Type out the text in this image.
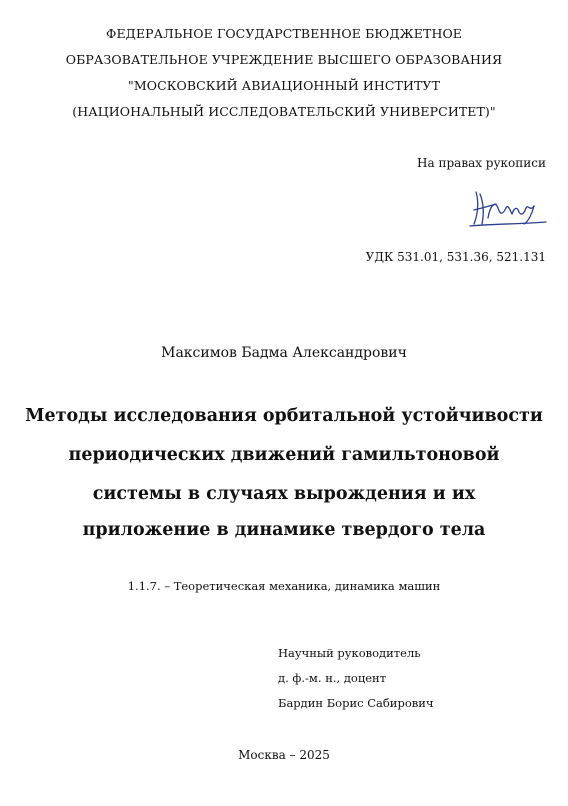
ФЕДЕРАЛЬНОЕ ГОСУДАРСТВЕННОЕ БЮДЖЕТНОЕ
ОБРАЗОВАТЕЛЬНОЕ УЧРЕЖДЕНИЕ ВЫСШЕГО ОБРАЗОВАНИЯ
"МОСКОВСКИЙ АВИАЦИОННЫЙ ИНСТИТУТ
(НАЦИОНАЛЬНЫЙ ИССЛЕДОВАТЕЛЬСКИЙ УНИВЕРСИТЕТ)"
На правах рукописи
УДК 531.01, 531.36, 521.131
Максимов Бадма Александрович
Методы исследования орбитальной устойчивости
периодических движений гамильтоновой
системы в случаях вырождения и их
приложение в динамике твердого тела
1.1.7. – Теоретическая механика, динамика машин
Научный руководитель
д. ф.-м. н., доцент
Бардин Борис Сабирович
Москва – 2025
